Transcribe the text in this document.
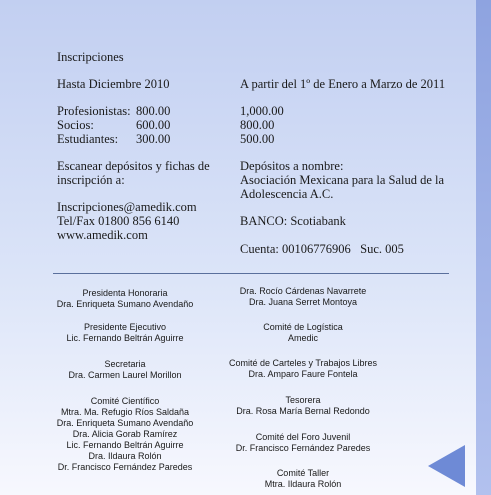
Inscripciones
Hasta Diciembre 2010	A partir del 1º de Enero a Marzo de 2011
Profesionistas: 800.00	1,000.00
Socios:	600.00	800.00
Estudiantes: 300.00	500.00
Escanear depósitos y fichas de
inscripción a:
Depósitos a nombre:
Asociación Mexicana para la Salud de la
Adolescencia A.C.
Inscripciones@amedik.com
Tel/Fax 01800 856 6140
www.amedik.com
BANCO: Scotiabank
Cuenta: 00106776906   Suc. 005
Presidenta Honoraria
Dra. Enriqueta Sumano Avendaño
Presidente Ejecutivo
Lic. Fernando Beltrán Aguirre
Secretaria
Dra. Carmen Laurel Morillon
Comité Científico
Mtra. Ma. Refugio Ríos Saldaña
Dra. Enriqueta Sumano Avendaño
Dra. Alicia Gorab Ramírez
Lic. Fernando Beltrán Aguirre
Dra. Ildaura Rolón
Dr. Francisco Fernández Paredes
Dra. Rocío Cárdenas Navarrete
Dra. Juana Serret Montoya
Comité de Logística
Amedic
Comité de Carteles y Trabajos Libres
Dra. Amparo Faure Fontela
Tesorera
Dra. Rosa María Bernal Redondo
Comité del Foro Juvenil
Dr. Francisco Fernández Paredes
Comité Taller
Mtra. Ildaura Rolón
